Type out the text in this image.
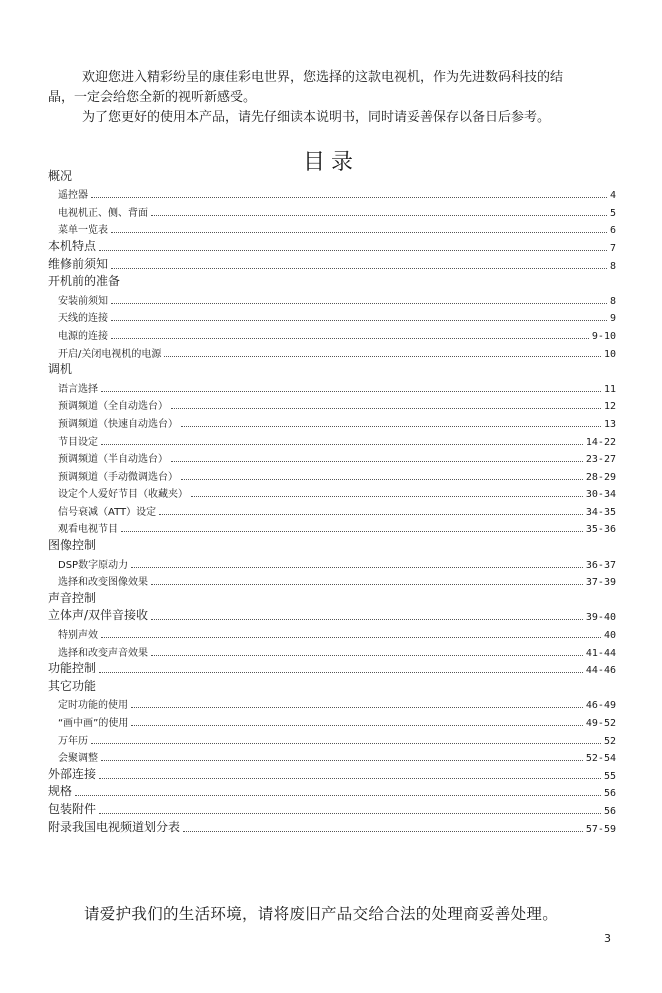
欢迎您进入精彩纷呈的康佳彩电世界，您选择的这款电视机，作为先进数码科技的结

晶，一定会给您全新的视听新感受。

为了您更好的使用本产品，请先仔细读本说明书，同时请妥善保存以备日后参考。

目录
概况
遥控器	4
电视机正、侧、背面	5
菜单一览表	6
本机特点	7
维修前须知	8
开机前的准备
安装前须知	8
天线的连接	9
电源的连接	9-10
开启/关闭电视机的电源	10
调机
语言选择	11
预调频道（全自动选台）	12
预调频道（快速自动选台）	13
节目设定	14-22
预调频道（半自动选台）	23-27
预调频道（手动微调选台）	28-29
设定个人爱好节目（收藏夹）	30-34
信号衰减（ATT）设定	34-35
观看电视节目	35-36
图像控制
DSP数字原动力	36-37
选择和改变图像效果	37-39
声音控制
立体声/双伴音接收	39-40
特别声效	40
选择和改变声音效果	41-44
功能控制	44-46
其它功能
定时功能的使用	46-49
“画中画”的使用	49-52
万年历	52
会聚调整	52-54
外部连接	55
规格	56
包装附件	56
附录我国电视频道划分表	57-59
请爱护我们的生活环境，请将废旧产品交给合法的处理商妥善处理。
3
